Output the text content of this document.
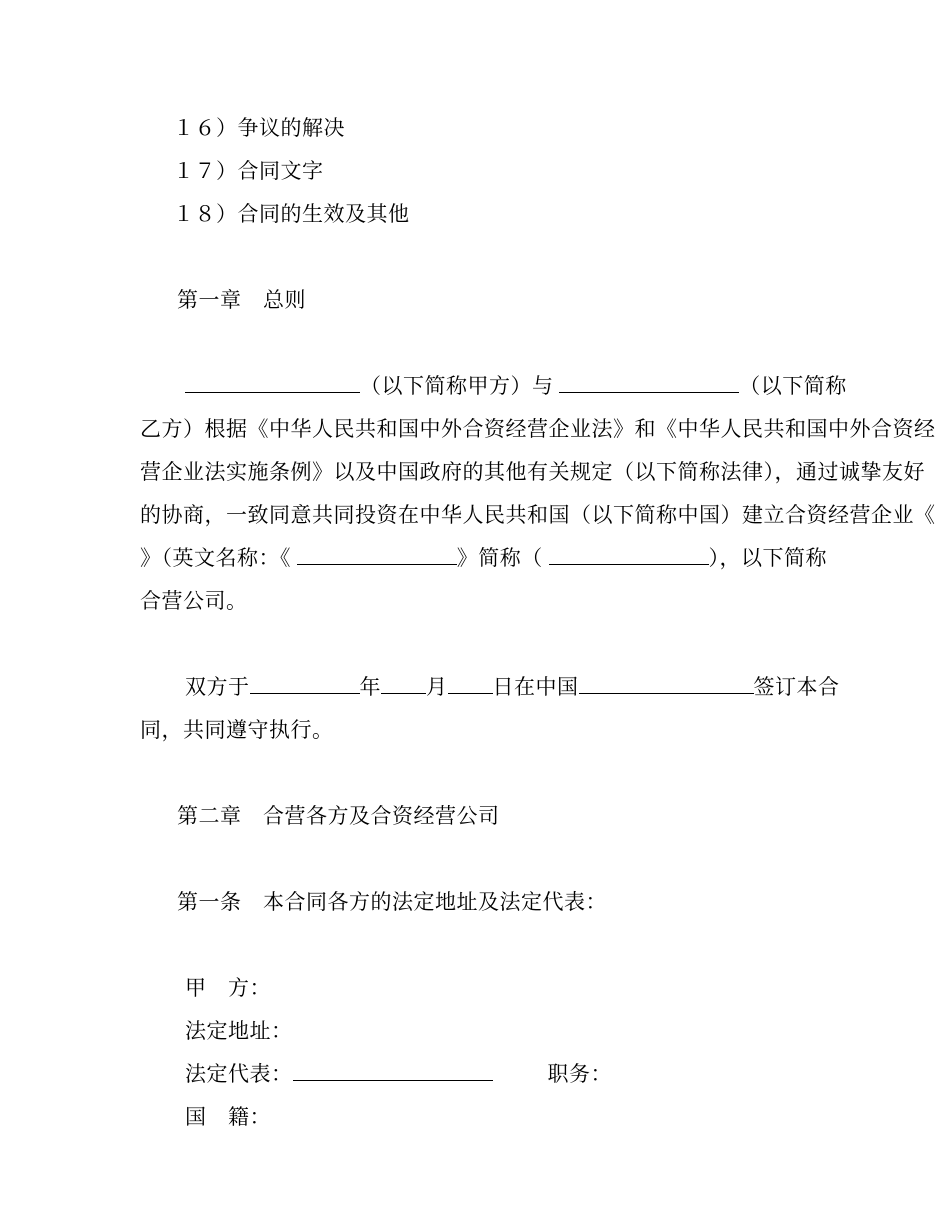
１６）争议的解决
１７）合同文字
１８）合同的生效及其他
第一章　总则
（以下简称甲方）与	（以下简称
乙方）根据《中华人民共和国中外合资经营企业法》和《中华人民共和国中外合资经
营企业法实施条例》以及中国政府的其他有关规定（以下简称法律），通过诚挚友好
的协商，一致同意共同投资在中华人民共和国（以下简称中国）建立合资经营企业《
》（英文名称：《	》简称（	），以下简称
合营公司。
双方于	年 月 日在中国	签订本合
同，共同遵守执行。
第二章　合营各方及合资经营公司
第一条　本合同各方的法定地址及法定代表：
甲　方：
法定地址：
法定代表：	职务：
国　籍：
